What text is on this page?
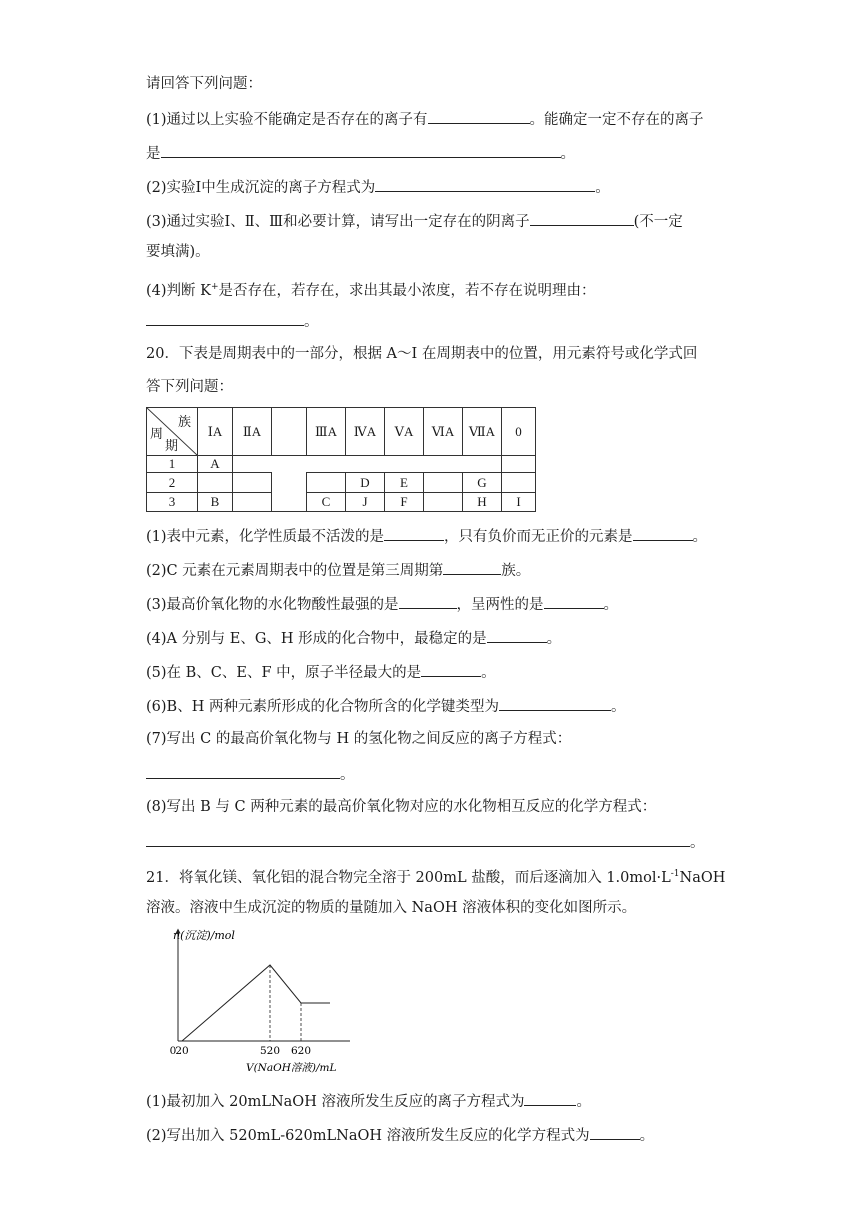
请回答下列问题：
(1)通过以上实验不能确定是否存在的离子有	。能确定一定不存在的离子
是	。
(2)实验Ⅰ中生成沉淀的离子方程式为	。
(3)通过实验Ⅰ、Ⅱ、Ⅲ和必要计算，请写出一定存在的阴离子	(不一定
要填满)。
(4)判断 K+是否存在，若存在，求出其最小浓度，若不存在说明理由：
。
20．下表是周期表中的一部分，根据 A～I 在周期表中的位置，用元素符号或化学式回
答下列问题：
族
周
期	ⅠA	ⅡA		ⅢA	ⅣA	ⅤA	ⅥA	ⅦA	0
1	A								
2					D	E		G	
3	B			C	J	F		H	I
(1)表中元素，化学性质最不活泼的是	，只有负价而无正价的元素是	。
(2)C 元素在元素周期表中的位置是第三周期第	族。
(3)最高价氧化物的水化物酸性最强的是	，呈两性的是	。
(4)A 分别与 E、G、H 形成的化合物中，最稳定的是	。
(5)在 B、C、E、F 中，原子半径最大的是	。
(6)B、H 两种元素所形成的化合物所含的化学键类型为	。
(7)写出 C 的最高价氧化物与 H 的氢化物之间反应的离子方程式：
。
(8)写出 B 与 C 两种元素的最高价氧化物对应的水化物相互反应的化学方程式：
。
21．将氧化镁、氧化铝的混合物完全溶于 200mL 盐酸，而后逐滴加入 $1.0mol\cdot L^{-1}NaOH$
溶液。溶液中生成沉淀的物质的量随加入 NaOH 溶液体积的变化如图所示。
0
20	520 620
n(沉淀)/mol
V(NaOH溶液)/mL
(1)最初加入 20mLNaOH 溶液所发生反应的离子方程式为	。
(2)写出加入 520mL-620mLNaOH 溶液所发生反应的化学方程式为	。
